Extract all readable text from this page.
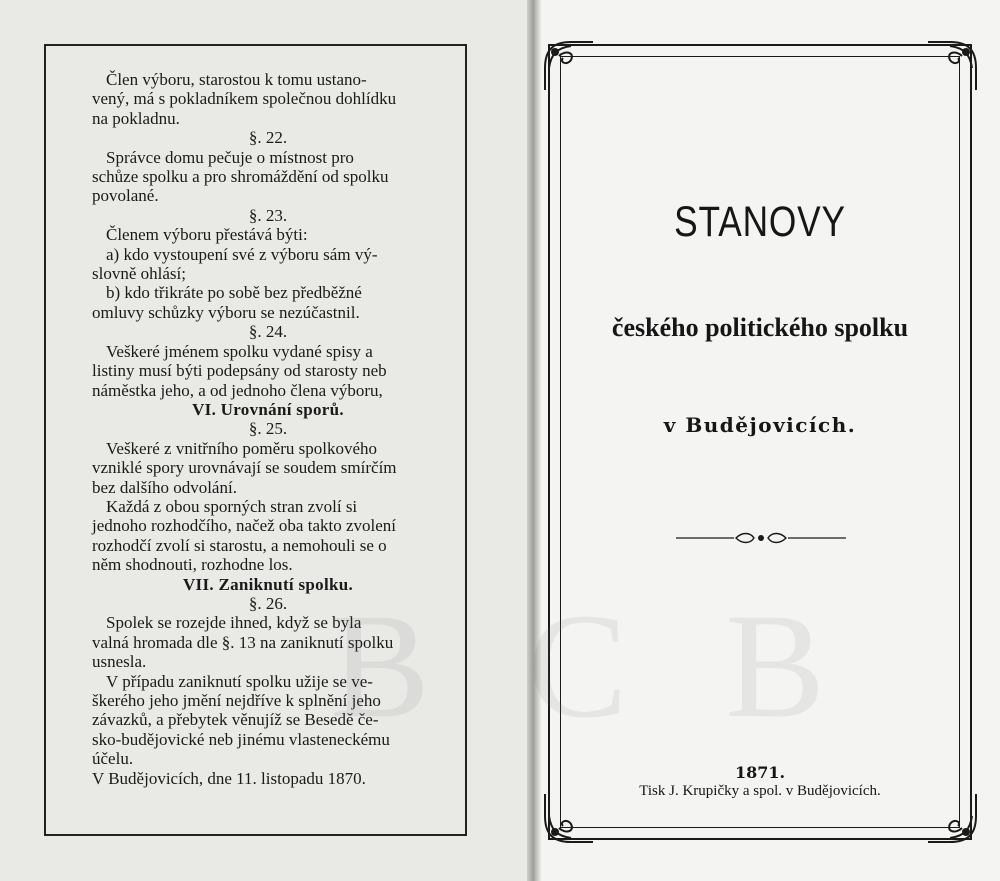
Člen výboru, starostou k tomu ustano-

vený, má s pokladníkem společnou dohlídku

na pokladnu.

§. 22.

Správce domu pečuje o místnost pro

schůze spolku a pro shromáždění od spolku

povolané.

§. 23.

Členem výboru přestává býti:

a) kdo vystoupení své z výboru sám vý-

slovně ohlásí;

b) kdo třikráte po sobě bez předběžné

omluvy schůzky výboru se nezúčastnil.

§. 24.

Veškeré jménem spolku vydané spisy a

listiny musí býti podepsány od starosty neb

náměstka jeho, a od jednoho člena výboru,

VI. Urovnání sporů.

§. 25.

Veškeré z vnitřního poměru spolkového

vzniklé spory urovnávají se soudem smírčím

bez dalšího odvolání.

Každá z obou sporných stran zvolí si

jednoho rozhodčího, načež oba takto zvolení

rozhodčí zvolí si starostu, a nemohouli se o

něm shodnouti, rozhodne los.

VII. Zaniknutí spolku.

§. 26.

Spolek se rozejde ihned, když se byla

valná hromada dle §. 13 na zaniknutí spolku

usnesla.

V případu zaniknutí spolku užije se ve-

škerého jeho jmění nejdříve k splnění jeho

závazků, a přebytek věnujíž se Besedě če-

sko-budějovické neb jinému vlasteneckému

účelu.

V Budějovicích, dne 11. listopadu 1870.

STANOVY
českého politického spolku
v Budějovicích.
1871.
Tisk J. Krupičky a spol. v Budějovicích.
